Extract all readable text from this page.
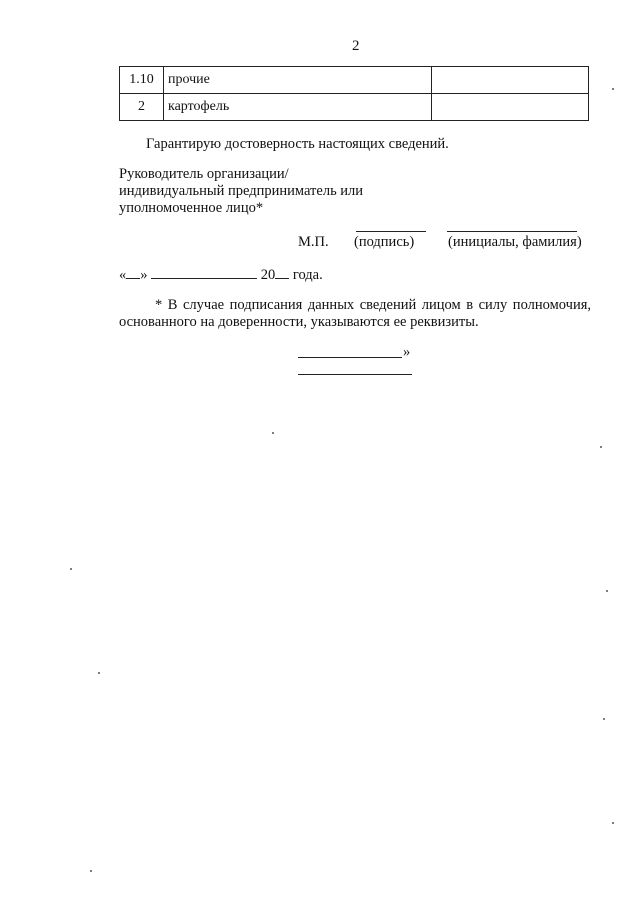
2
1.10	прочие	
2	картофель	
Гарантирую достоверность настоящих сведений.
Руководитель организации/
индивидуальный предприниматель или
уполномоченное лицо*
М.П. (подпись) (инициалы, фамилия)
« »	20 года.
* В случае подписания данных сведений лицом в силу полномочия,
основанного на доверенности, указываются ее реквизиты.
»
